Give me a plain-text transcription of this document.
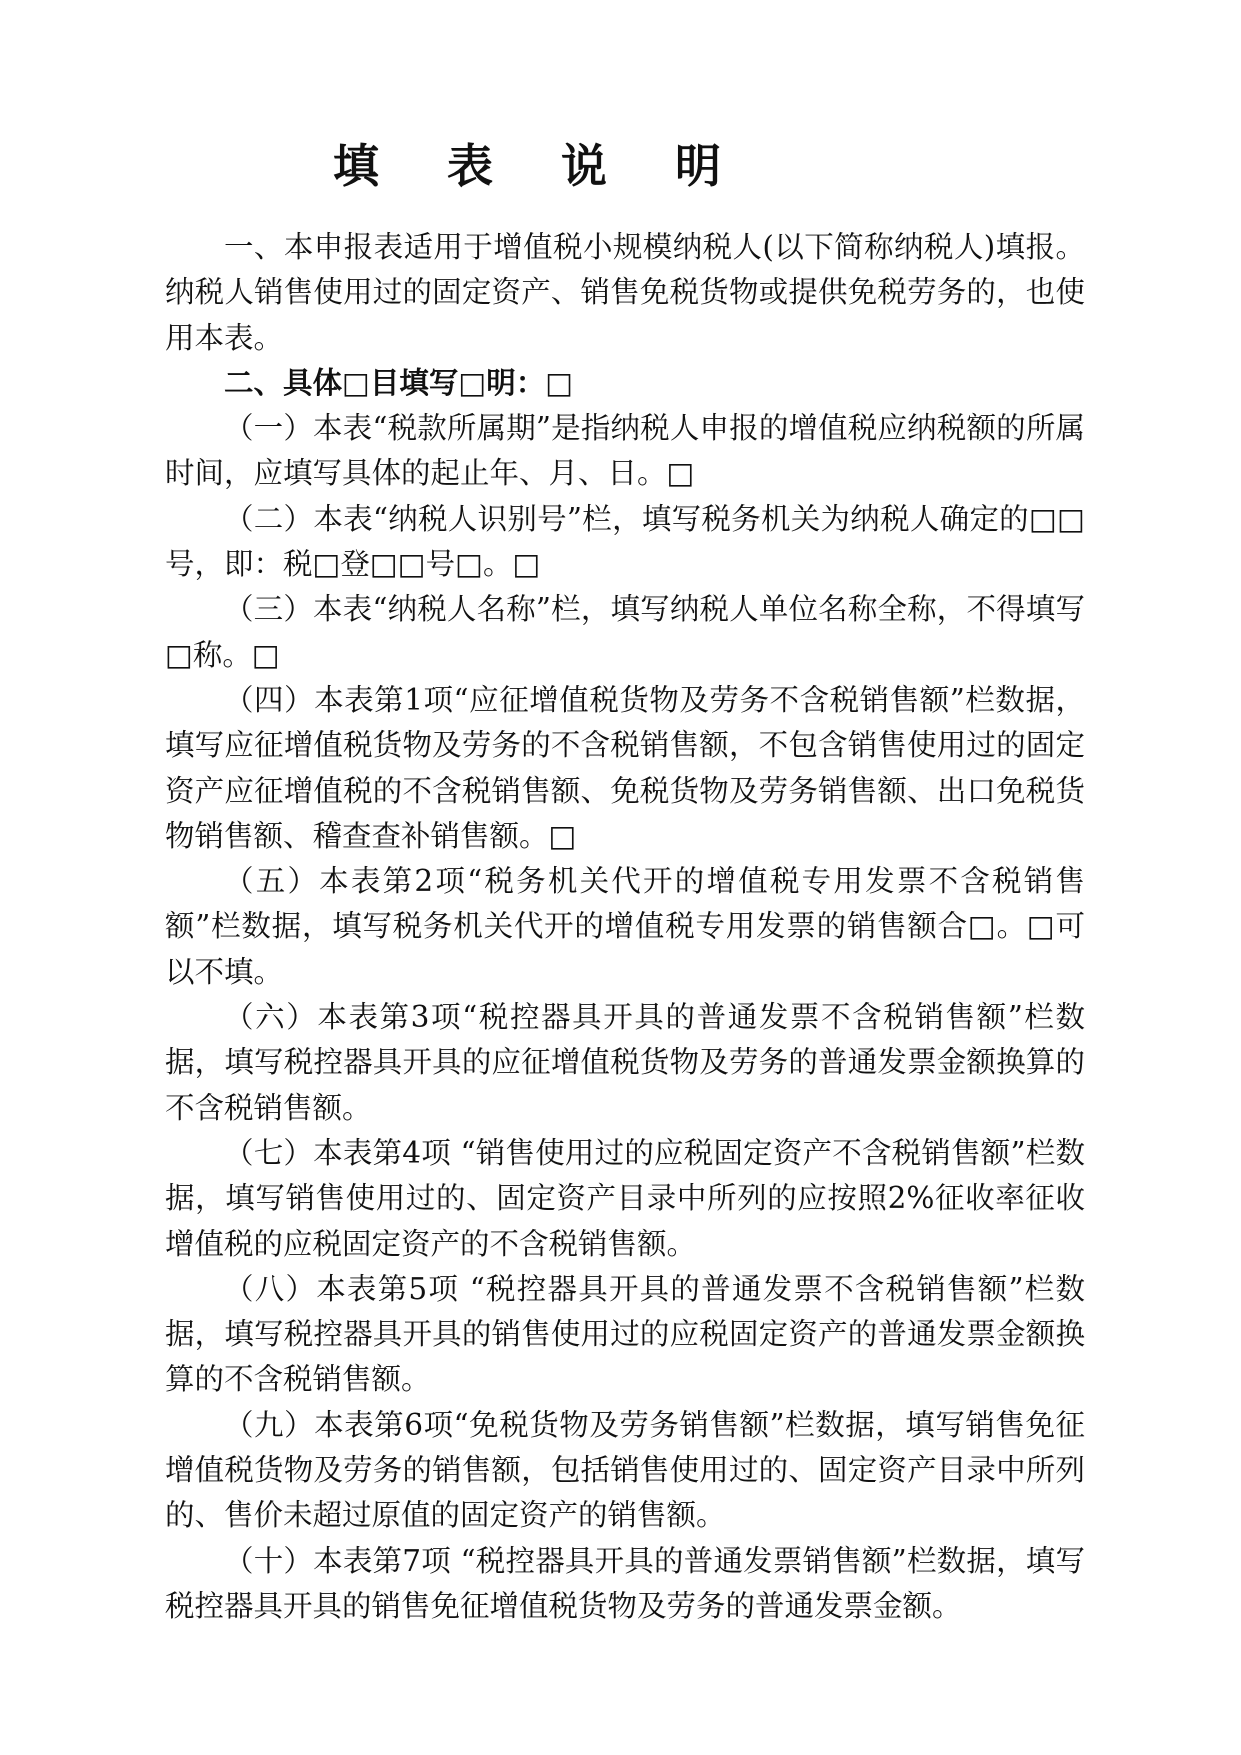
填 表 说 明

一、本申报表适用于增值税小规模纳税人(以下简称纳税人)填报。纳税人销售使用过的固定资产、销售免税货物或提供免税劳务的，也使用本表。

二、具体□目填写□明：□

（一）本表“税款所属期”是指纳税人申报的增值税应纳税额的所属时间，应填写具体的起止年、月、日。□

（二）本表“纳税人识别号”栏，填写税务机关为纳税人确定的□□号，即：税□登□□号□。□

（三）本表“纳税人名称”栏，填写纳税人单位名称全称，不得填写□称。□

（四）本表第1项“应征增值税货物及劳务不含税销售额”栏数据，填写应征增值税货物及劳务的不含税销售额，不包含销售使用过的固定资产应征增值税的不含税销售额、免税货物及劳务销售额、出口免税货物销售额、稽查查补销售额。□

（五）本表第2项“税务机关代开的增值税专用发票不含税销售额”栏数据，填写税务机关代开的增值税专用发票的销售额合□。□可以不填。

（六）本表第3项“税控器具开具的普通发票不含税销售额”栏数据，填写税控器具开具的应征增值税货物及劳务的普通发票金额换算的不含税销售额。

（七）本表第4项 “销售使用过的应税固定资产不含税销售额”栏数据，填写销售使用过的、固定资产目录中所列的应按照2%征收率征收增值税的应税固定资产的不含税销售额。

（八）本表第5项 “税控器具开具的普通发票不含税销售额”栏数据，填写税控器具开具的销售使用过的应税固定资产的普通发票金额换算的不含税销售额。

（九）本表第6项“免税货物及劳务销售额”栏数据，填写销售免征增值税货物及劳务的销售额，包括销售使用过的、固定资产目录中所列的、售价未超过原值的固定资产的销售额。

（十）本表第7项 “税控器具开具的普通发票销售额”栏数据，填写税控器具开具的销售免征增值税货物及劳务的普通发票金额。
